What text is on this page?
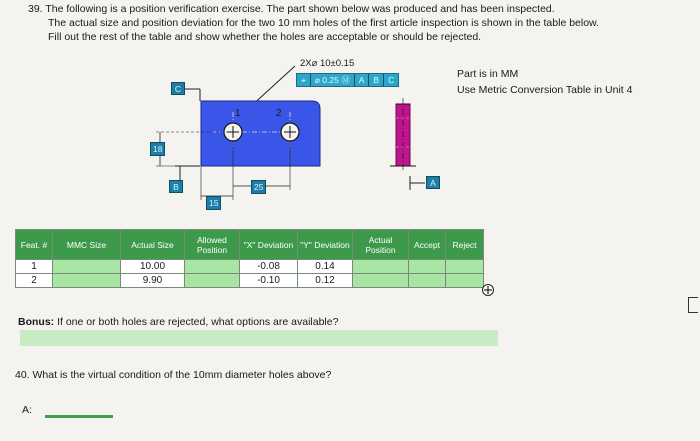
39. The following is a position verification exercise. The part shown below was produced and has been inspected.
The actual size and position deviation for the two 10 mm holes of the first article inspection is shown in the table below.
Fill out the rest of the table and show whether the holes are acceptable or should be rejected.
1	2
2X⌀ 10±0.15
⌖	⌀ 0.25 Ⓜ	A	B	C
C
B	A
18
25
15
Part is in MM
Use Metric Conversion Table in Unit 4
Feat. #	MMC Size	Actual Size	Allowed Position	"X" Deviation	"Y" Deviation	Actual Position	Accept	Reject
1		10.00		-0.08	0.14			
2		9.90		-0.10	0.12			
Bonus: If one or both holes are rejected, what options are available?
40. What is the virtual condition of the 10mm diameter holes above?
A:
